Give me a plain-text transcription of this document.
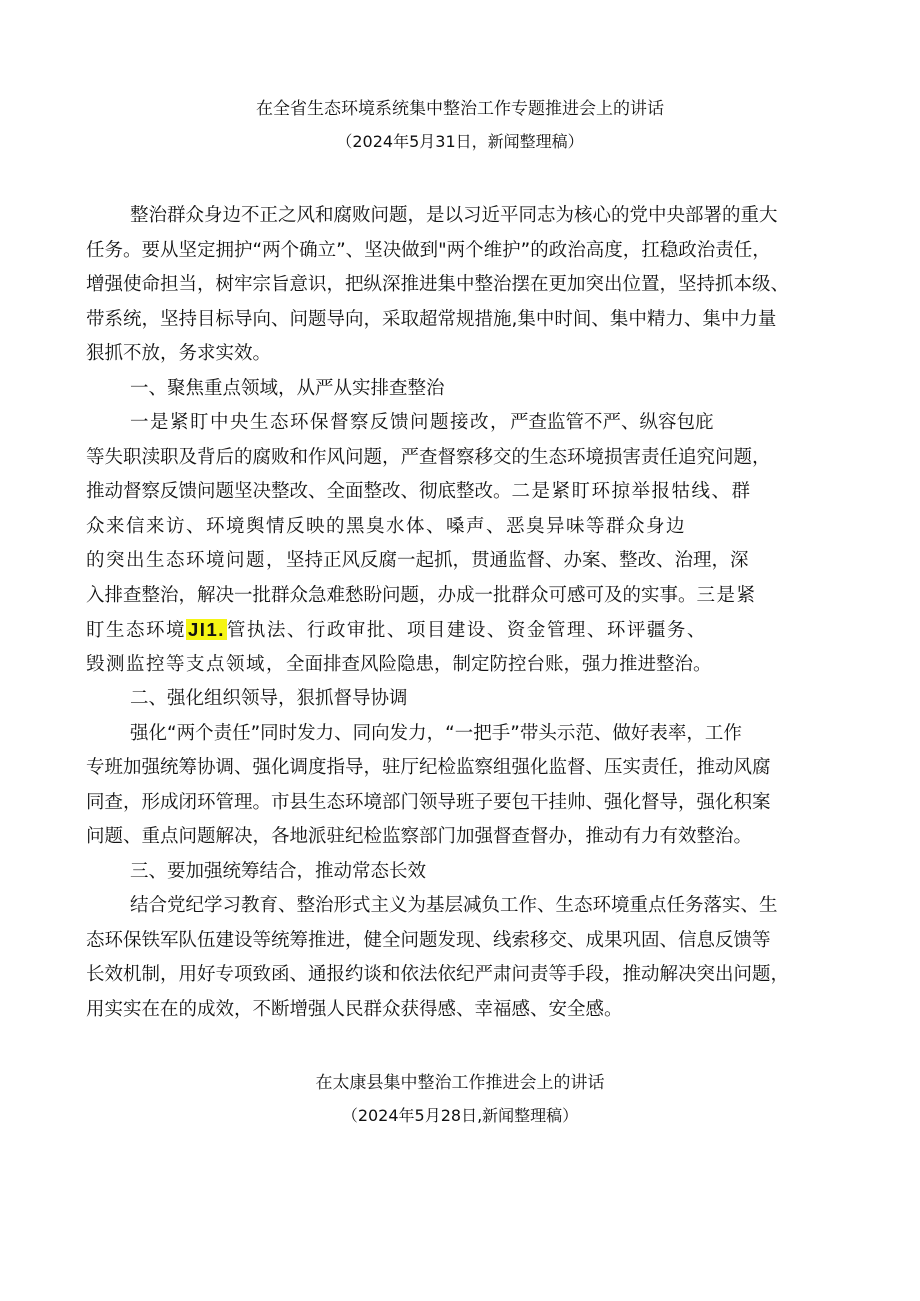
在全省生态环境系统集中整治工作专题推进会上的讲话
（2024年5月31日，新闻整理稿）
整治群众身边不正之风和腐败问题，是以习近平同志为核心的党中央部署的重大
任务。要从坚定拥护“两个确立”、坚决做到"两个维护”的政治高度，扛稳政治责任，
增强使命担当，树牢宗旨意识，把纵深推进集中整治摆在更加突出位置，坚持抓本级、
带系统，坚持目标导向、问题导向，采取超常规措施,集中时间、集中精力、集中力量
狠抓不放，务求实效。
一、聚焦重点领域，从严从实排查整治
一是紧盯中央生态环保督察反馈问题接改，严查监管不严、纵容包庇
等失职渎职及背后的腐败和作风问题，严查督察移交的生态环境损害责任追究问题，
推动督察反馈问题坚决整改、全面整改、彻底整改。二是紧盯环掠举报牯线、群
众来信来访、环境舆情反映的黑臭水体、嗓声、恶臭异味等群众身边
的突出生态环境问题，坚持正风反腐一起抓，贯通监督、办案、整改、治理，深
入排查整治，解决一批群众急难愁盼问题，办成一批群众可感可及的实事。三是紧
盯生态环境 JI1. 管执法、行政审批、项目建设、资金管理、环评疆务、
毁测监控等支点领域，全面排查风险隐患，制定防控台账，强力推进整治。
二、强化组织领导，狠抓督导协调
强化“两个责任”同时发力、同向发力，“一把手”带头示范、做好表率，工作
专班加强统筹协调、强化调度指导，驻厅纪检监察组强化监督、压实责任，推动风腐
同查，形成闭环管理。市县生态环境部门领导班子要包干挂帅、强化督导，强化积案
问题、重点问题解决，各地派驻纪检监察部门加强督查督办，推动有力有效整治。
三、要加强统筹结合，推动常态长效
结合党纪学习教育、整治形式主义为基层减负工作、生态环境重点任务落实、生
态环保铁军队伍建设等统筹推进，健全问题发现、线索移交、成果巩固、信息反馈等
长效机制，用好专项致函、通报约谈和依法依纪严肃问责等手段，推动解决突出问题，
用实实在在的成效，不断增强人民群众获得感、幸福感、安全感。
在太康县集中整治工作推进会上的讲话
（2024年5月28日,新闻整理稿）
